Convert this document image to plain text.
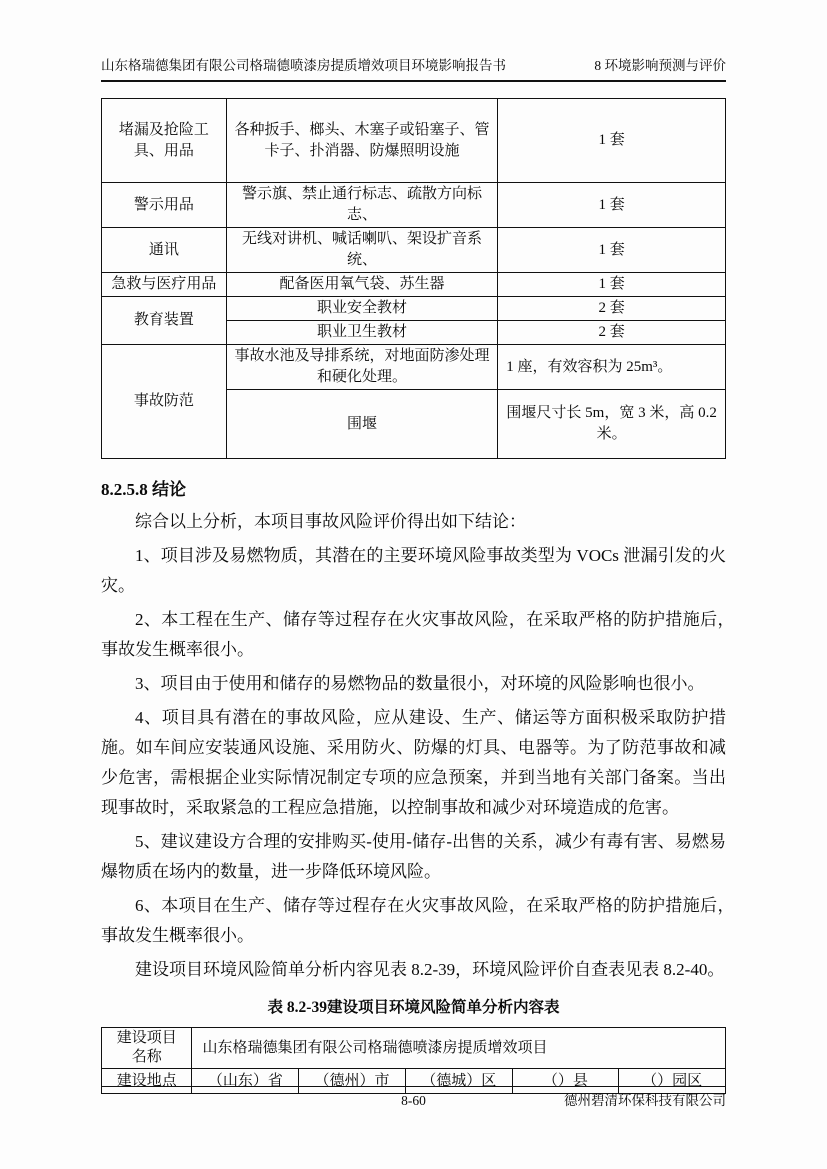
山东格瑞德集团有限公司格瑞德喷漆房提质增效项目环境影响报告书	8 环境影响预测与评价
堵漏及抢险工具、用品	各种扳手、榔头、木塞子或铅塞子、管卡子、扑消器、防爆照明设施	1 套
警示用品	警示旗、禁止通行标志、疏散方向标志、	1 套
通讯	无线对讲机、喊话喇叭、架设扩音系统、	1 套
急救与医疗用品	配备医用氧气袋、苏生器	1 套
教育装置	职业安全教材	2 套
	职业卫生教材	2 套
事故防范	事故水池及导排系统，对地面防渗处理和硬化处理。	1 座，有效容积为 25m³。
	围堰	围堰尺寸长 5m，宽 3 米，高 0.2 米。
8.2.5.8 结论

综合以上分析，本项目事故风险评价得出如下结论：

1、项目涉及易燃物质，其潜在的主要环境风险事故类型为 VOCs 泄漏引发的火灾。

2、本工程在生产、储存等过程存在火灾事故风险，在采取严格的防护措施后，　事故发生概率很小。

3、项目由于使用和储存的易燃物品的数量很小，对环境的风险影响也很小。

4、项目具有潜在的事故风险，应从建设、生产、储运等方面积极采取防护措施。如车间应安装通风设施、采用防火、防爆的灯具、电器等。为了防范事故和减少危害，需根据企业实际情况制定专项的应急预案，并到当地有关部门备案。当出现事故时，采取紧急的工程应急措施，以控制事故和减少对环境造成的危害。

5、建议建设方合理的安排购买-使用-储存-出售的关系，减少有毒有害、易燃易爆物质在场内的数量，进一步降低环境风险。

6、本项目在生产、储存等过程存在火灾事故风险，在采取严格的防护措施后，　事故发生概率很小。

建设项目环境风险简单分析内容见表 8.2-39，环境风险评价自查表见表 8.2-40。

表 8.2-39建设项目环境风险简单分析内容表
建设项目
名称	山东格瑞德集团有限公司格瑞德喷漆房提质增效项目				
建设地点	（山东）省	（德州）市	（德城）区	（）县	（）园区
8-60	德州碧清环保科技有限公司
